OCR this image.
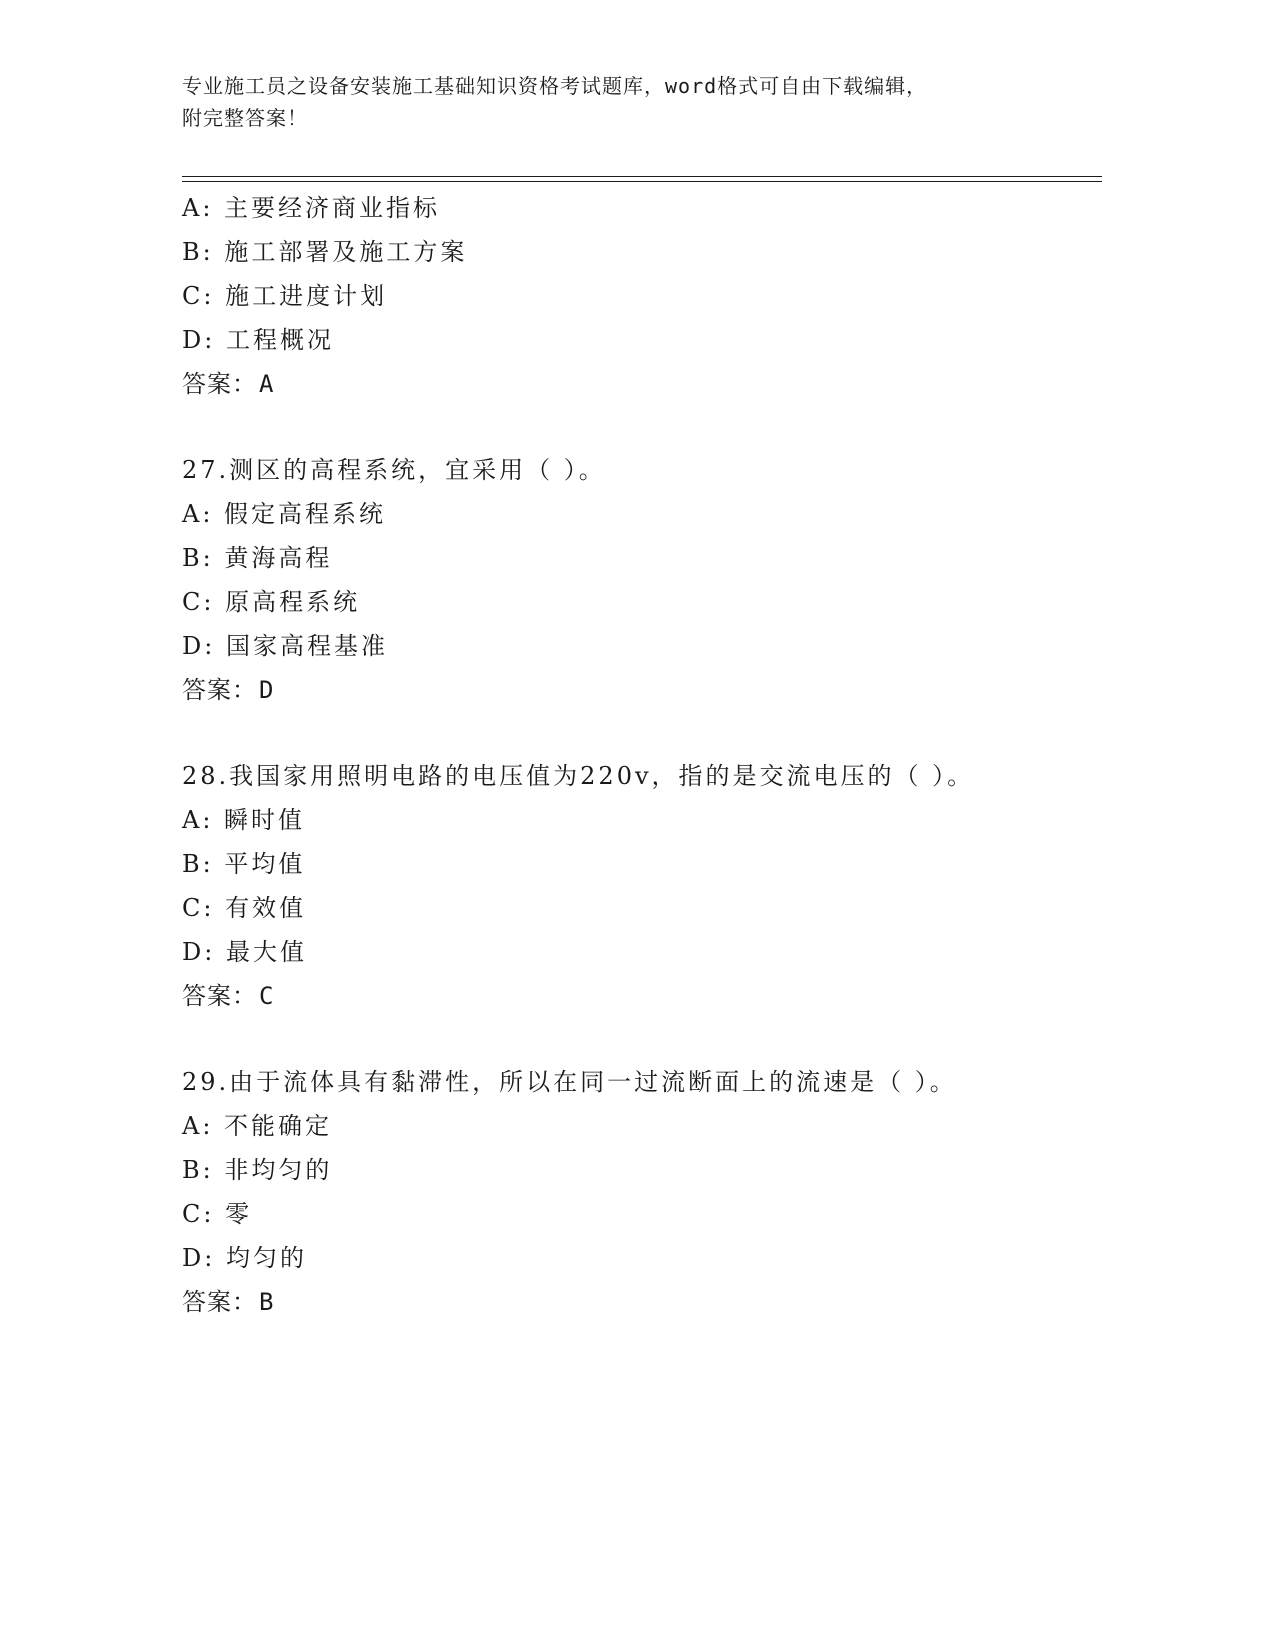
专业施工员之设备安装施工基础知识资格考试题库，word格式可自由下载编辑，
附完整答案！
A: 主要经济商业指标
B: 施工部署及施工方案
C: 施工进度计划
D: 工程概况
答案：A
27.测区的高程系统，宜采用（ ）。
A: 假定高程系统
B: 黄海高程
C: 原高程系统
D: 国家高程基准
答案：D
28.我国家用照明电路的电压值为220v，指的是交流电压的（ ）。
A: 瞬时值
B: 平均值
C: 有效值
D: 最大值
答案：C
29.由于流体具有黏滞性，所以在同一过流断面上的流速是（ ）。
A: 不能确定
B: 非均匀的
C: 零
D: 均匀的
答案：B
